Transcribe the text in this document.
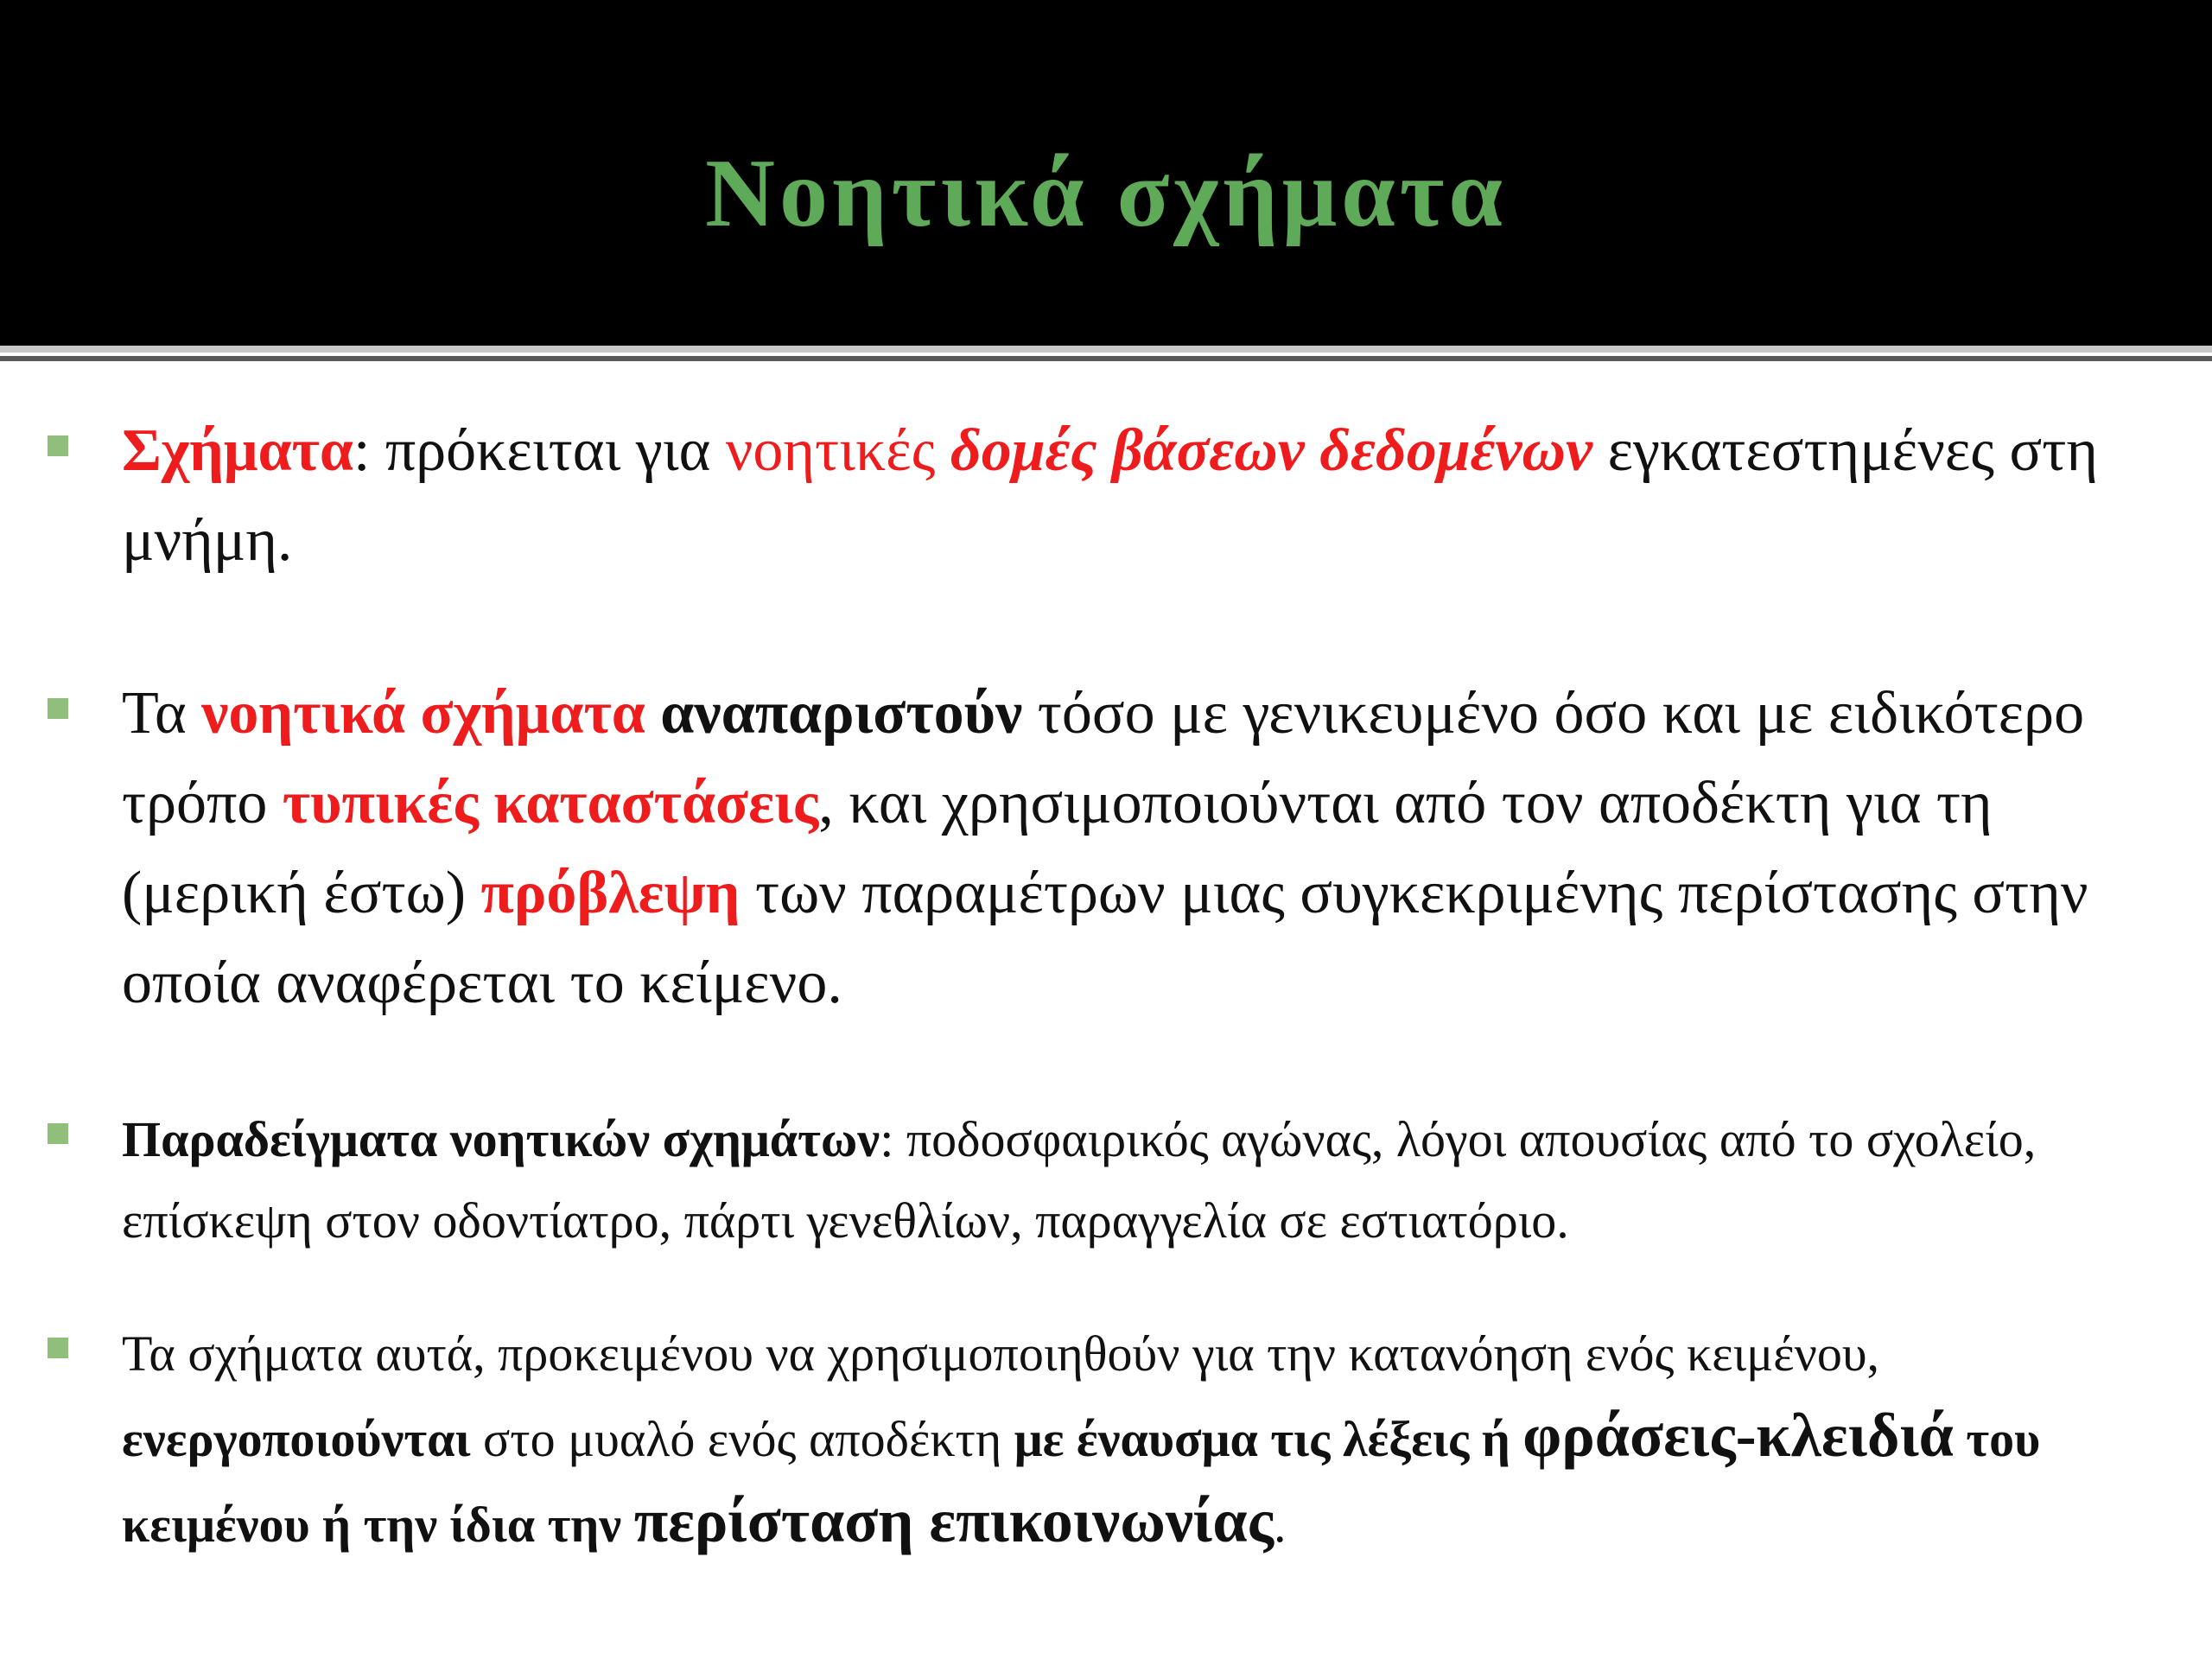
Νοητικά σχήματα
Σχήματα: πρόκειται για νοητικές δομές βάσεων δεδομένων εγκατεστημένες στη μνήμη.
Τα νοητικά σχήματα αναπαριστούν τόσο με γενικευμένο όσο και με ειδικότερο τρόπο τυπικές καταστάσεις, και χρησιμοποιούνται από τον αποδέκτη για τη (μερική έστω) πρόβλεψη των παραμέτρων μιας συγκεκριμένης περίστασης στην οποία αναφέρεται το κείμενο.
Παραδείγματα νοητικών σχημάτων: ποδοσφαιρικός αγώνας, λόγοι απουσίας από το σχολείο, επίσκεψη στον οδοντίατρο, πάρτι γενεθλίων, παραγγελία σε εστιατόριο.
Τα σχήματα αυτά, προκειμένου να χρησιμοποιηθούν για την κατανόηση ενός κειμένου, ενεργοποιούνται στο μυαλό ενός αποδέκτη με έναυσμα τις λέξεις ή φράσεις-κλειδιά του κειμένου ή την ίδια την περίσταση επικοινωνίας.
